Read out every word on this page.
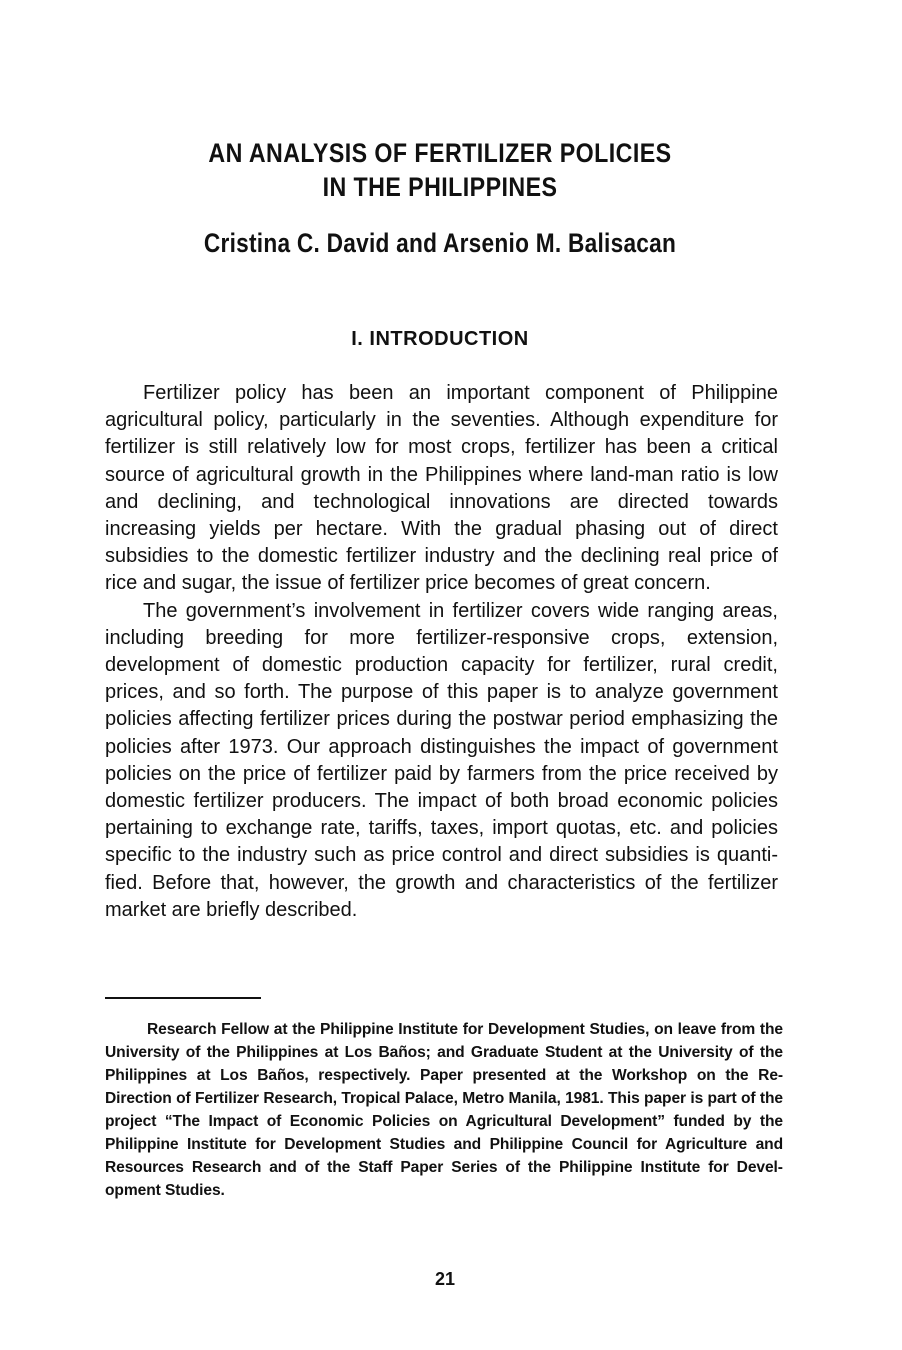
AN ANALYSIS OF FERTILIZER POLICIES
IN THE PHILIPPINES
Cristina C. David and Arsenio M. Balisacan
I. INTRODUCTION

Fertilizer policy has been an important component of Philippine agricultural policy, particularly in the seventies. Although expenditure for fertilizer is still relatively low for most crops, fertilizer has been a critical source of agricultural growth in the Philippines where land-man ratio is low and declining, and technological innovations are directed towards increasing yields per hectare. With the gradual phasing out of direct subsidies to the domestic fertilizer industry and the declining real price of rice and sugar, the issue of fertilizer price becomes of great concern.

The government’s involvement in fertilizer covers wide ranging areas, including breeding for more fertilizer-responsive crops, extension, development of domestic production capacity for fertilizer, rural credit, prices, and so forth. The purpose of this paper is to analyze government policies affecting fertilizer prices during the postwar period emphasizing the policies after 1973. Our approach distinguishes the impact of government policies on the price of fertilizer paid by farmers from the price received by domestic fertilizer producers. The impact of both broad economic policies pertaining to exchange rate, tariffs, taxes, import quotas, etc. and policies specific to the industry such as price control and direct subsidies is quantified. Before that, however, the growth and characteristics of the fertilizer market are briefly described.

Research Fellow at the Philippine Institute for Development Studies, on leave from the University of the Philippines at Los Baños; and Graduate Student at the University of the Philippines at Los Baños, respectively. Paper presented at the Workshop on the Re-Direction of Fertilizer Research, Tropical Palace, Metro Manila, 1981. This paper is part of the project “The Impact of Economic Policies on Agricultural Development” funded by the Philippine Institute for Development Studies and Philippine Council for Agriculture and Resources Research and of the Staff Paper Series of the Philippine Institute for Development Studies.

21
